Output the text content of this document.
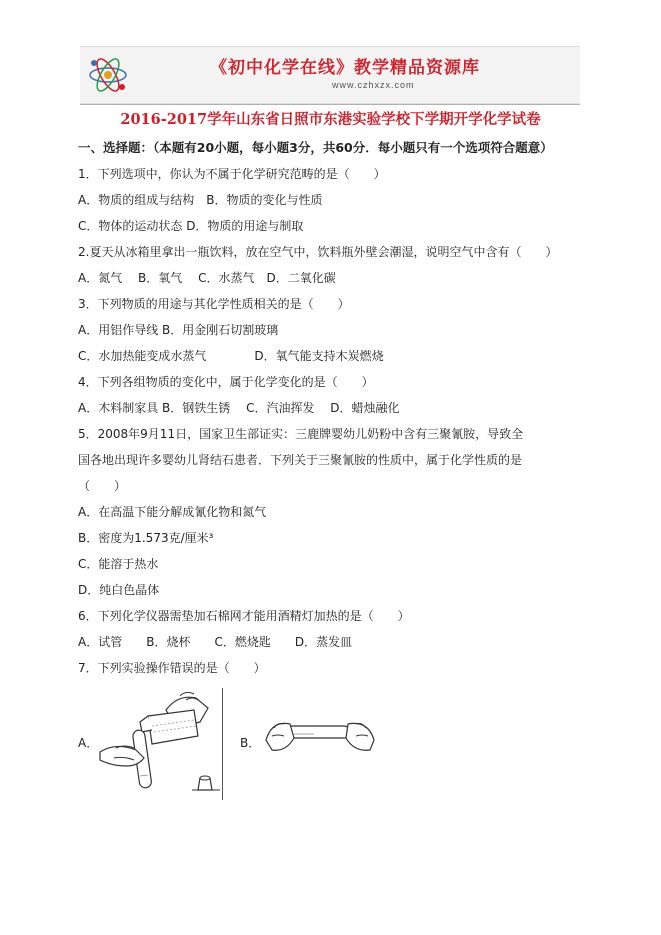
《初中化学在线》教学精品资源库
www.czhxzx.com
2016-2017学年山东省日照市东港实验学校下学期开学化学试卷
一、选择题：（本题有20小题，每小题3分，共60分．每小题只有一个选项符合题意）
1．下列选项中，你认为不属于化学研究范畴的是（　　）
A．物质的组成与结构　B．物质的变化与性质
C．物体的运动状态 D．物质的用途与制取
2.夏天从冰箱里拿出一瓶饮料，放在空气中，饮料瓶外壁会潮湿，说明空气中含有（　　）
A．氮气　 B．氧气　 C．水蒸气　D．二氧化碳
3．下列物质的用途与其化学性质相关的是（　　）
A．用铝作导线 B．用金刚石切割玻璃
C．水加热能变成水蒸气　　　　D．氧气能支持木炭燃烧
4．下列各组物质的变化中，属于化学变化的是（　　）
A．木料制家具 B．钢铁生锈　 C．汽油挥发　 D．蜡烛融化
5．2008年9月11日，国家卫生部证实：三鹿牌婴幼儿奶粉中含有三聚氰胺，导致全
国各地出现许多婴幼儿肾结石患者．下列关于三聚氰胺的性质中，属于化学性质的是
（　　）
A．在高温下能分解成氰化物和氮气
B．密度为1.573克/厘米³
C．能溶于热水
D．纯白色晶体
6．下列化学仪器需垫加石棉网才能用酒精灯加热的是（　　）
A．试管　　B．烧杯　　C．燃烧匙　　D．蒸发皿
7．下列实验操作错误的是（　　）
A．	B．
